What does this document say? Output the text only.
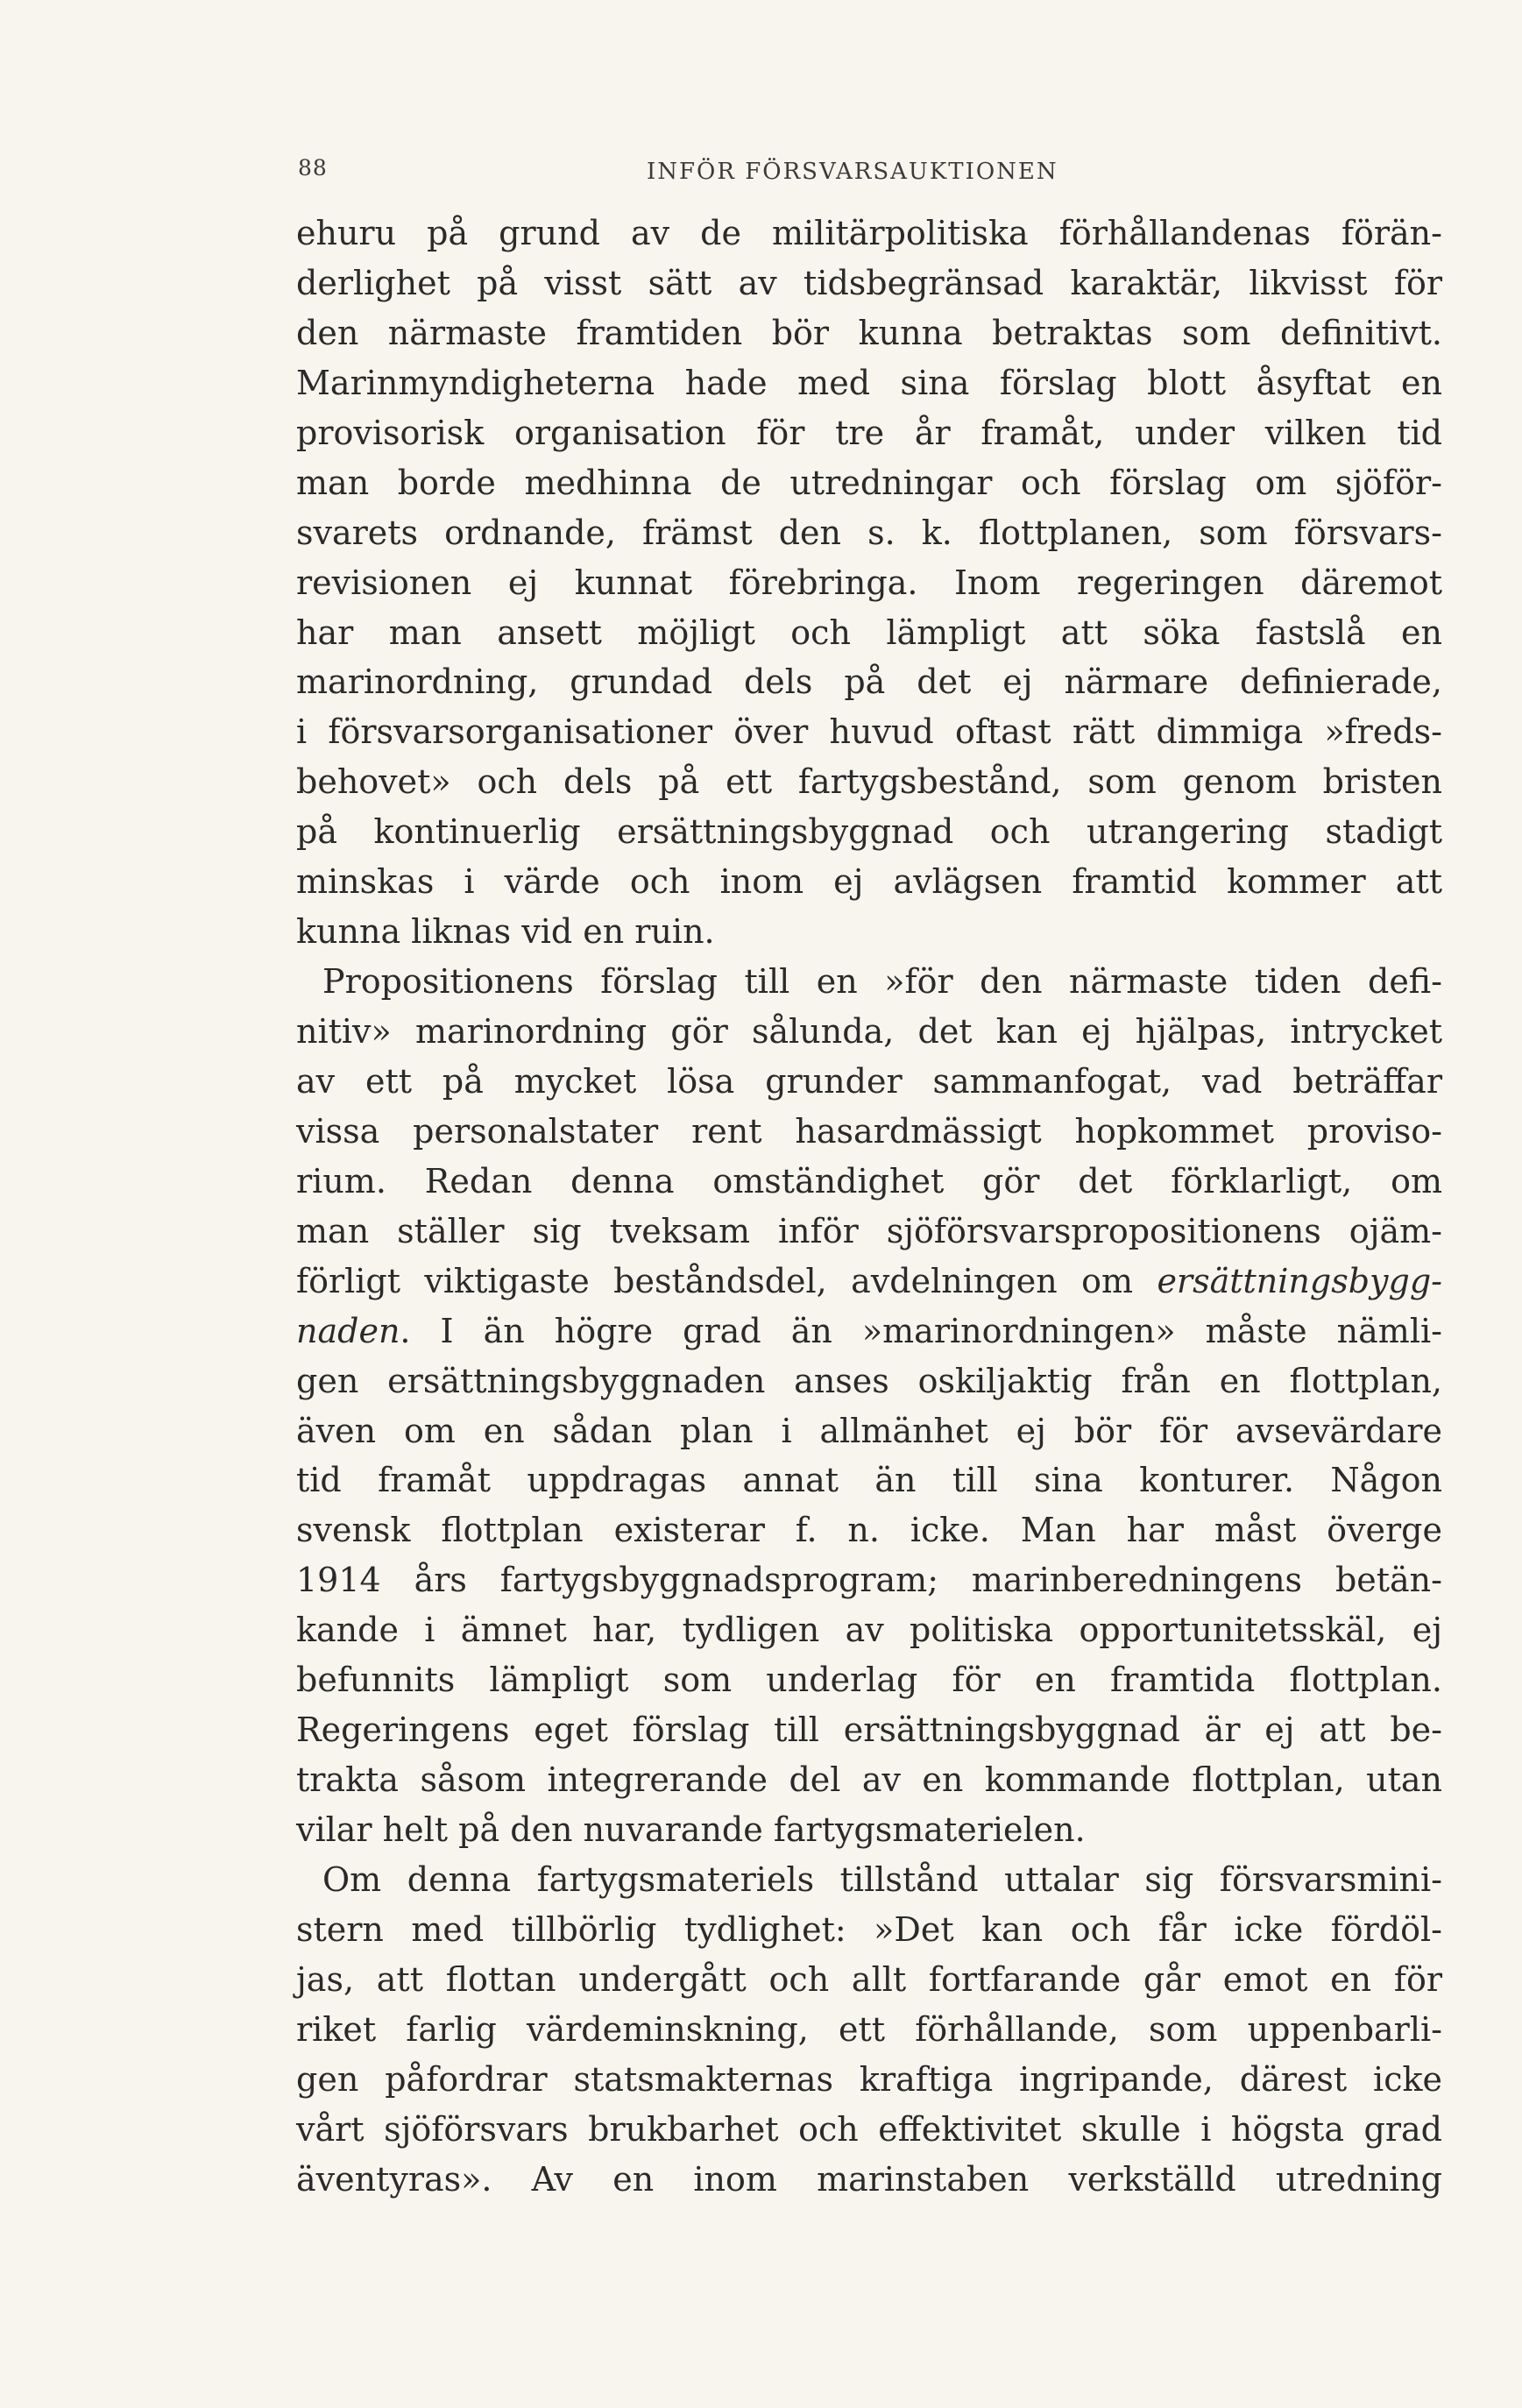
88	INFÖR FÖRSVARSAUKTIONEN
ehuru på grund av de militärpolitiska förhållandenas förän-
derlighet på visst sätt av tidsbegränsad karaktär, likvisst för
den närmaste framtiden bör kunna betraktas som definitivt.
Marinmyndigheterna hade med sina förslag blott åsyftat en
provisorisk organisation för tre år framåt, under vilken tid
man borde medhinna de utredningar och förslag om sjöför-
svarets ordnande, främst den s. k. flottplanen, som försvars-
revisionen ej kunnat förebringa. Inom regeringen däremot
har man ansett möjligt och lämpligt att söka fastslå en
marinordning, grundad dels på det ej närmare definierade,
i försvarsorganisationer över huvud oftast rätt dimmiga »freds-
behovet» och dels på ett fartygsbestånd, som genom bristen
på kontinuerlig ersättningsbyggnad och utrangering stadigt
minskas i värde och inom ej avlägsen framtid kommer att
kunna liknas vid en ruin.
Propositionens förslag till en »för den närmaste tiden defi-
nitiv» marinordning gör sålunda, det kan ej hjälpas, intrycket
av ett på mycket lösa grunder sammanfogat, vad beträffar
vissa personalstater rent hasardmässigt hopkommet proviso-
rium. Redan denna omständighet gör det förklarligt, om
man ställer sig tveksam inför sjöförsvarspropositionens ojäm-
förligt viktigaste beståndsdel, avdelningen om ersättningsbygg-
naden. I än högre grad än »marinordningen» måste nämli-
gen ersättningsbyggnaden anses oskiljaktig från en flottplan,
även om en sådan plan i allmänhet ej bör för avsevärdare
tid framåt uppdragas annat än till sina konturer. Någon
svensk flottplan existerar f. n. icke. Man har måst överge
1914 års fartygsbyggnadsprogram; marinberedningens betän-
kande i ämnet har, tydligen av politiska opportunitetsskäl, ej
befunnits lämpligt som underlag för en framtida flottplan.
Regeringens eget förslag till ersättningsbyggnad är ej att be-
trakta såsom integrerande del av en kommande flottplan, utan
vilar helt på den nuvarande fartygsmaterielen.
Om denna fartygsmateriels tillstånd uttalar sig försvarsmini-
stern med tillbörlig tydlighet: »Det kan och får icke fördöl-
jas, att flottan undergått och allt fortfarande går emot en för
riket farlig värdeminskning, ett förhållande, som uppenbarli-
gen påfordrar statsmakternas kraftiga ingripande, därest icke
vårt sjöförsvars brukbarhet och effektivitet skulle i högsta grad
äventyras». Av en inom marinstaben verkställd utredning
